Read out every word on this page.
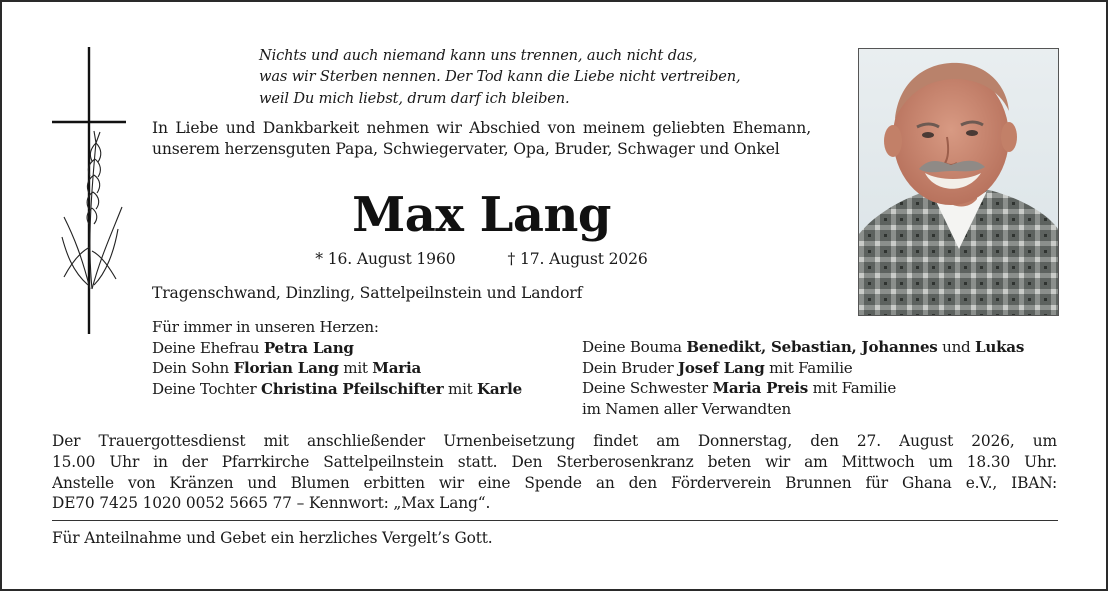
Nichts und auch niemand kann uns trennen, auch nicht das,
was wir Sterben nennen. Der Tod kann die Liebe nicht vertreiben,
weil Du mich liebst, drum darf ich bleiben.
In Liebe und Dankbarkeit nehmen wir Abschied von meinem geliebten Ehemann, unserem herzensguten Papa, Schwiegervater, Opa, Bruder, Schwager und Onkel
Max Lang
* 16. August 1960	† 17. August 2026
Tragenschwand, Dinzling, Sattelpeilnstein und Landorf
Für immer in unseren Herzen:
Deine Ehefrau Petra Lang
Dein Sohn Florian Lang mit Maria
Deine Tochter Christina Pfeilschifter mit Karle
Deine Bouma Benedikt, Sebastian, Johannes und Lukas
Dein Bruder Josef Lang mit Familie
Deine Schwester Maria Preis mit Familie
im Namen aller Verwandten
Der Trauergottesdienst mit anschließender Urnenbeisetzung findet am Donnerstag, den 27. August 2026, um
15.00 Uhr in der Pfarrkirche Sattelpeilnstein statt. Den Sterberosenkranz beten wir am Mittwoch um 18.30 Uhr.
Anstelle von Kränzen und Blumen erbitten wir eine Spende an den Förderverein Brunnen für Ghana e.V., IBAN:
DE70 7425 1020 0052 5665 77 – Kennwort: „Max Lang“.
Für Anteilnahme und Gebet ein herzliches Vergelt’s Gott.
